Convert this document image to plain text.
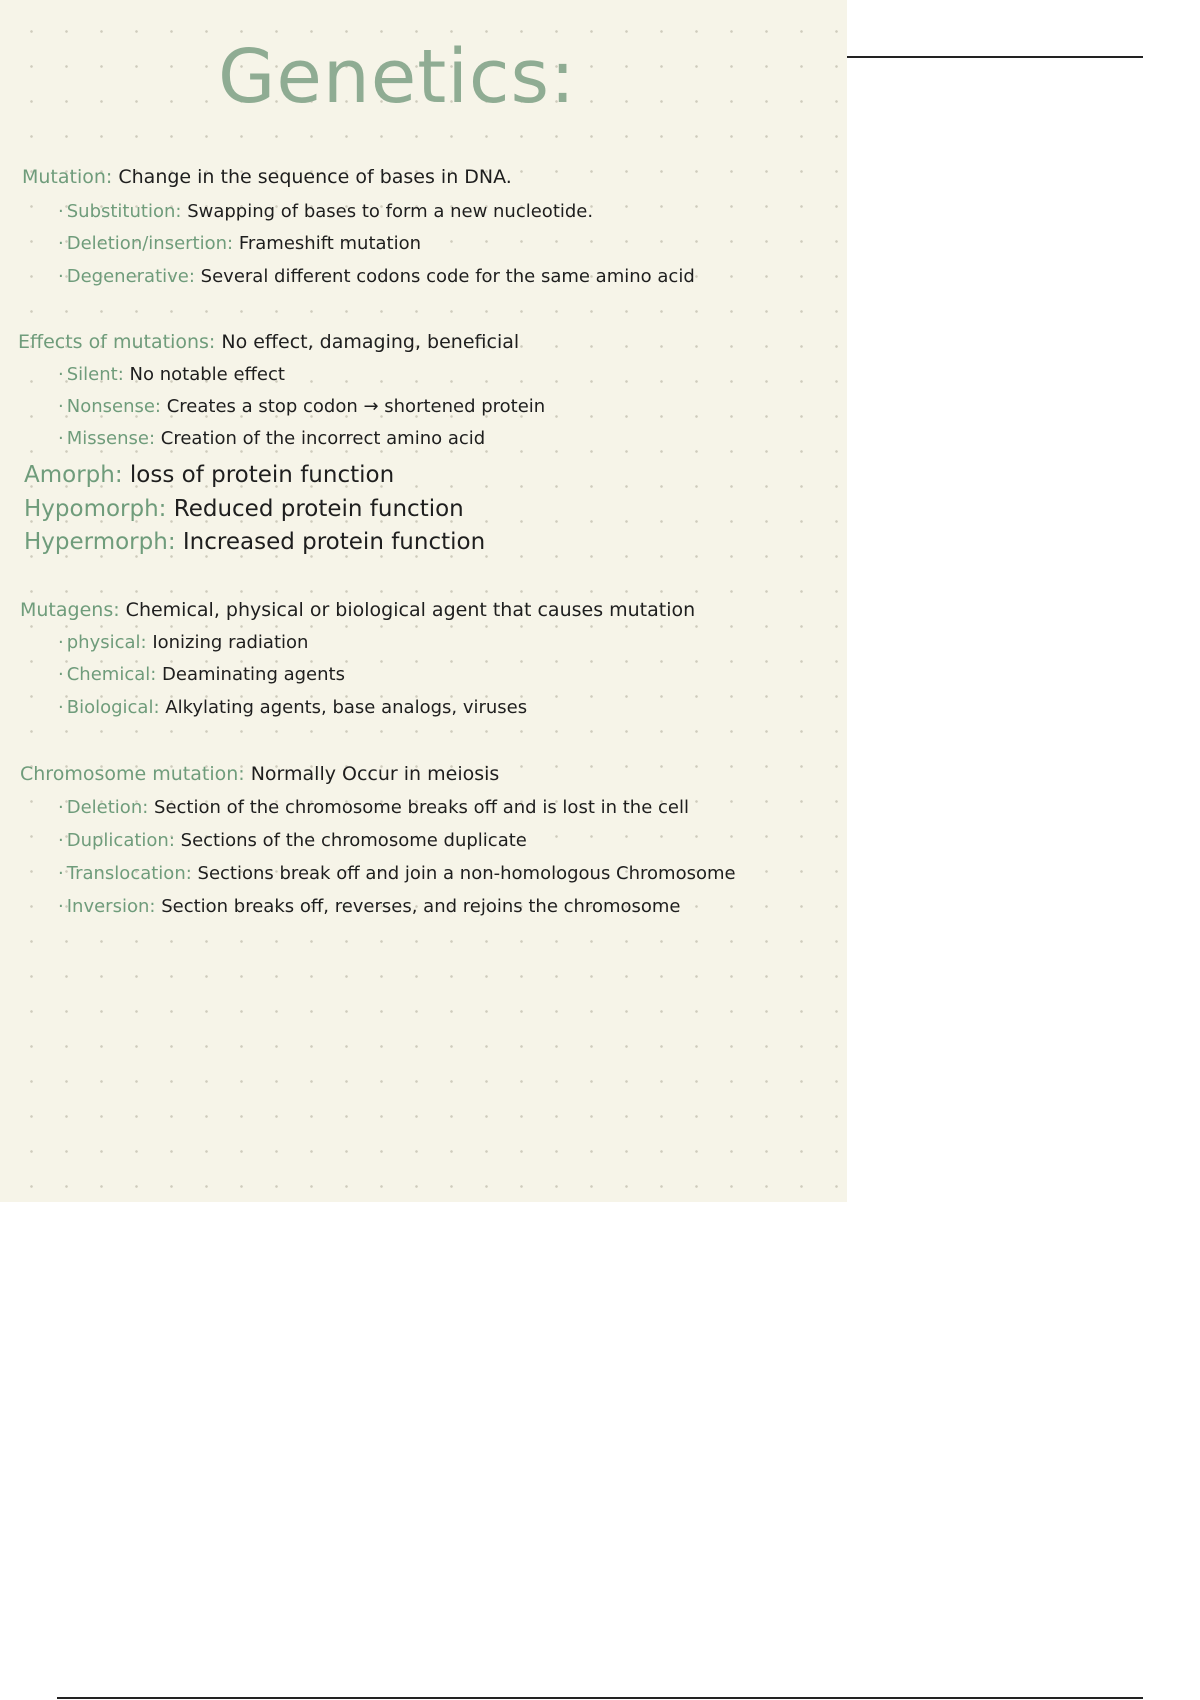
Genetics:
Mutation: Change in the sequence of bases in DNA.
· Substitution: Swapping of bases to form a new nucleotide.
· Deletion/insertion: Frameshift mutation
· Degenerative: Several different codons code for the same amino acid
Effects of mutations: No effect, damaging, beneficial
· Silent: No notable effect
· Nonsense: Creates a stop codon → shortened protein
· Missense: Creation of the incorrect amino acid
Amorph: loss of protein function
Hypomorph: Reduced protein function
Hypermorph: Increased protein function
Mutagens: Chemical, physical or biological agent that causes mutation
· physical: Ionizing radiation
· Chemical: Deaminating agents
· Biological: Alkylating agents, base analogs, viruses
Chromosome mutation: Normally Occur in meiosis
· Deletion: Section of the chromosome breaks off and is lost in the cell
· Duplication: Sections of the chromosome duplicate
· Translocation: Sections break off and join a non-homologous Chromosome
· Inversion: Section breaks off, reverses, and rejoins the chromosome
